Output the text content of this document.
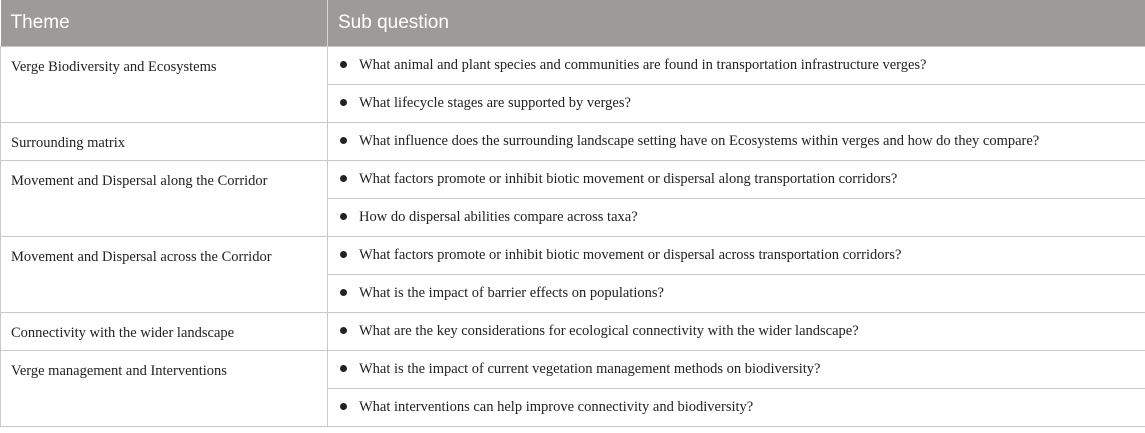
Theme	Sub question
Verge Biodiversity and Ecosystems	What animal and plant species and communities are found in transportation infrastructure verges?
	What lifecycle stages are supported by verges?
Surrounding matrix	What influence does the surrounding landscape setting have on Ecosystems within verges and how do they compare?
Movement and Dispersal along the Corridor	What factors promote or inhibit biotic movement or dispersal along transportation corridors?
	How do dispersal abilities compare across taxa?
Movement and Dispersal across the Corridor	What factors promote or inhibit biotic movement or dispersal across transportation corridors?
	What is the impact of barrier effects on populations?
Connectivity with the wider landscape	What are the key considerations for ecological connectivity with the wider landscape?
Verge management and Interventions	What is the impact of current vegetation management methods on biodiversity?
	What interventions can help improve connectivity and biodiversity?
